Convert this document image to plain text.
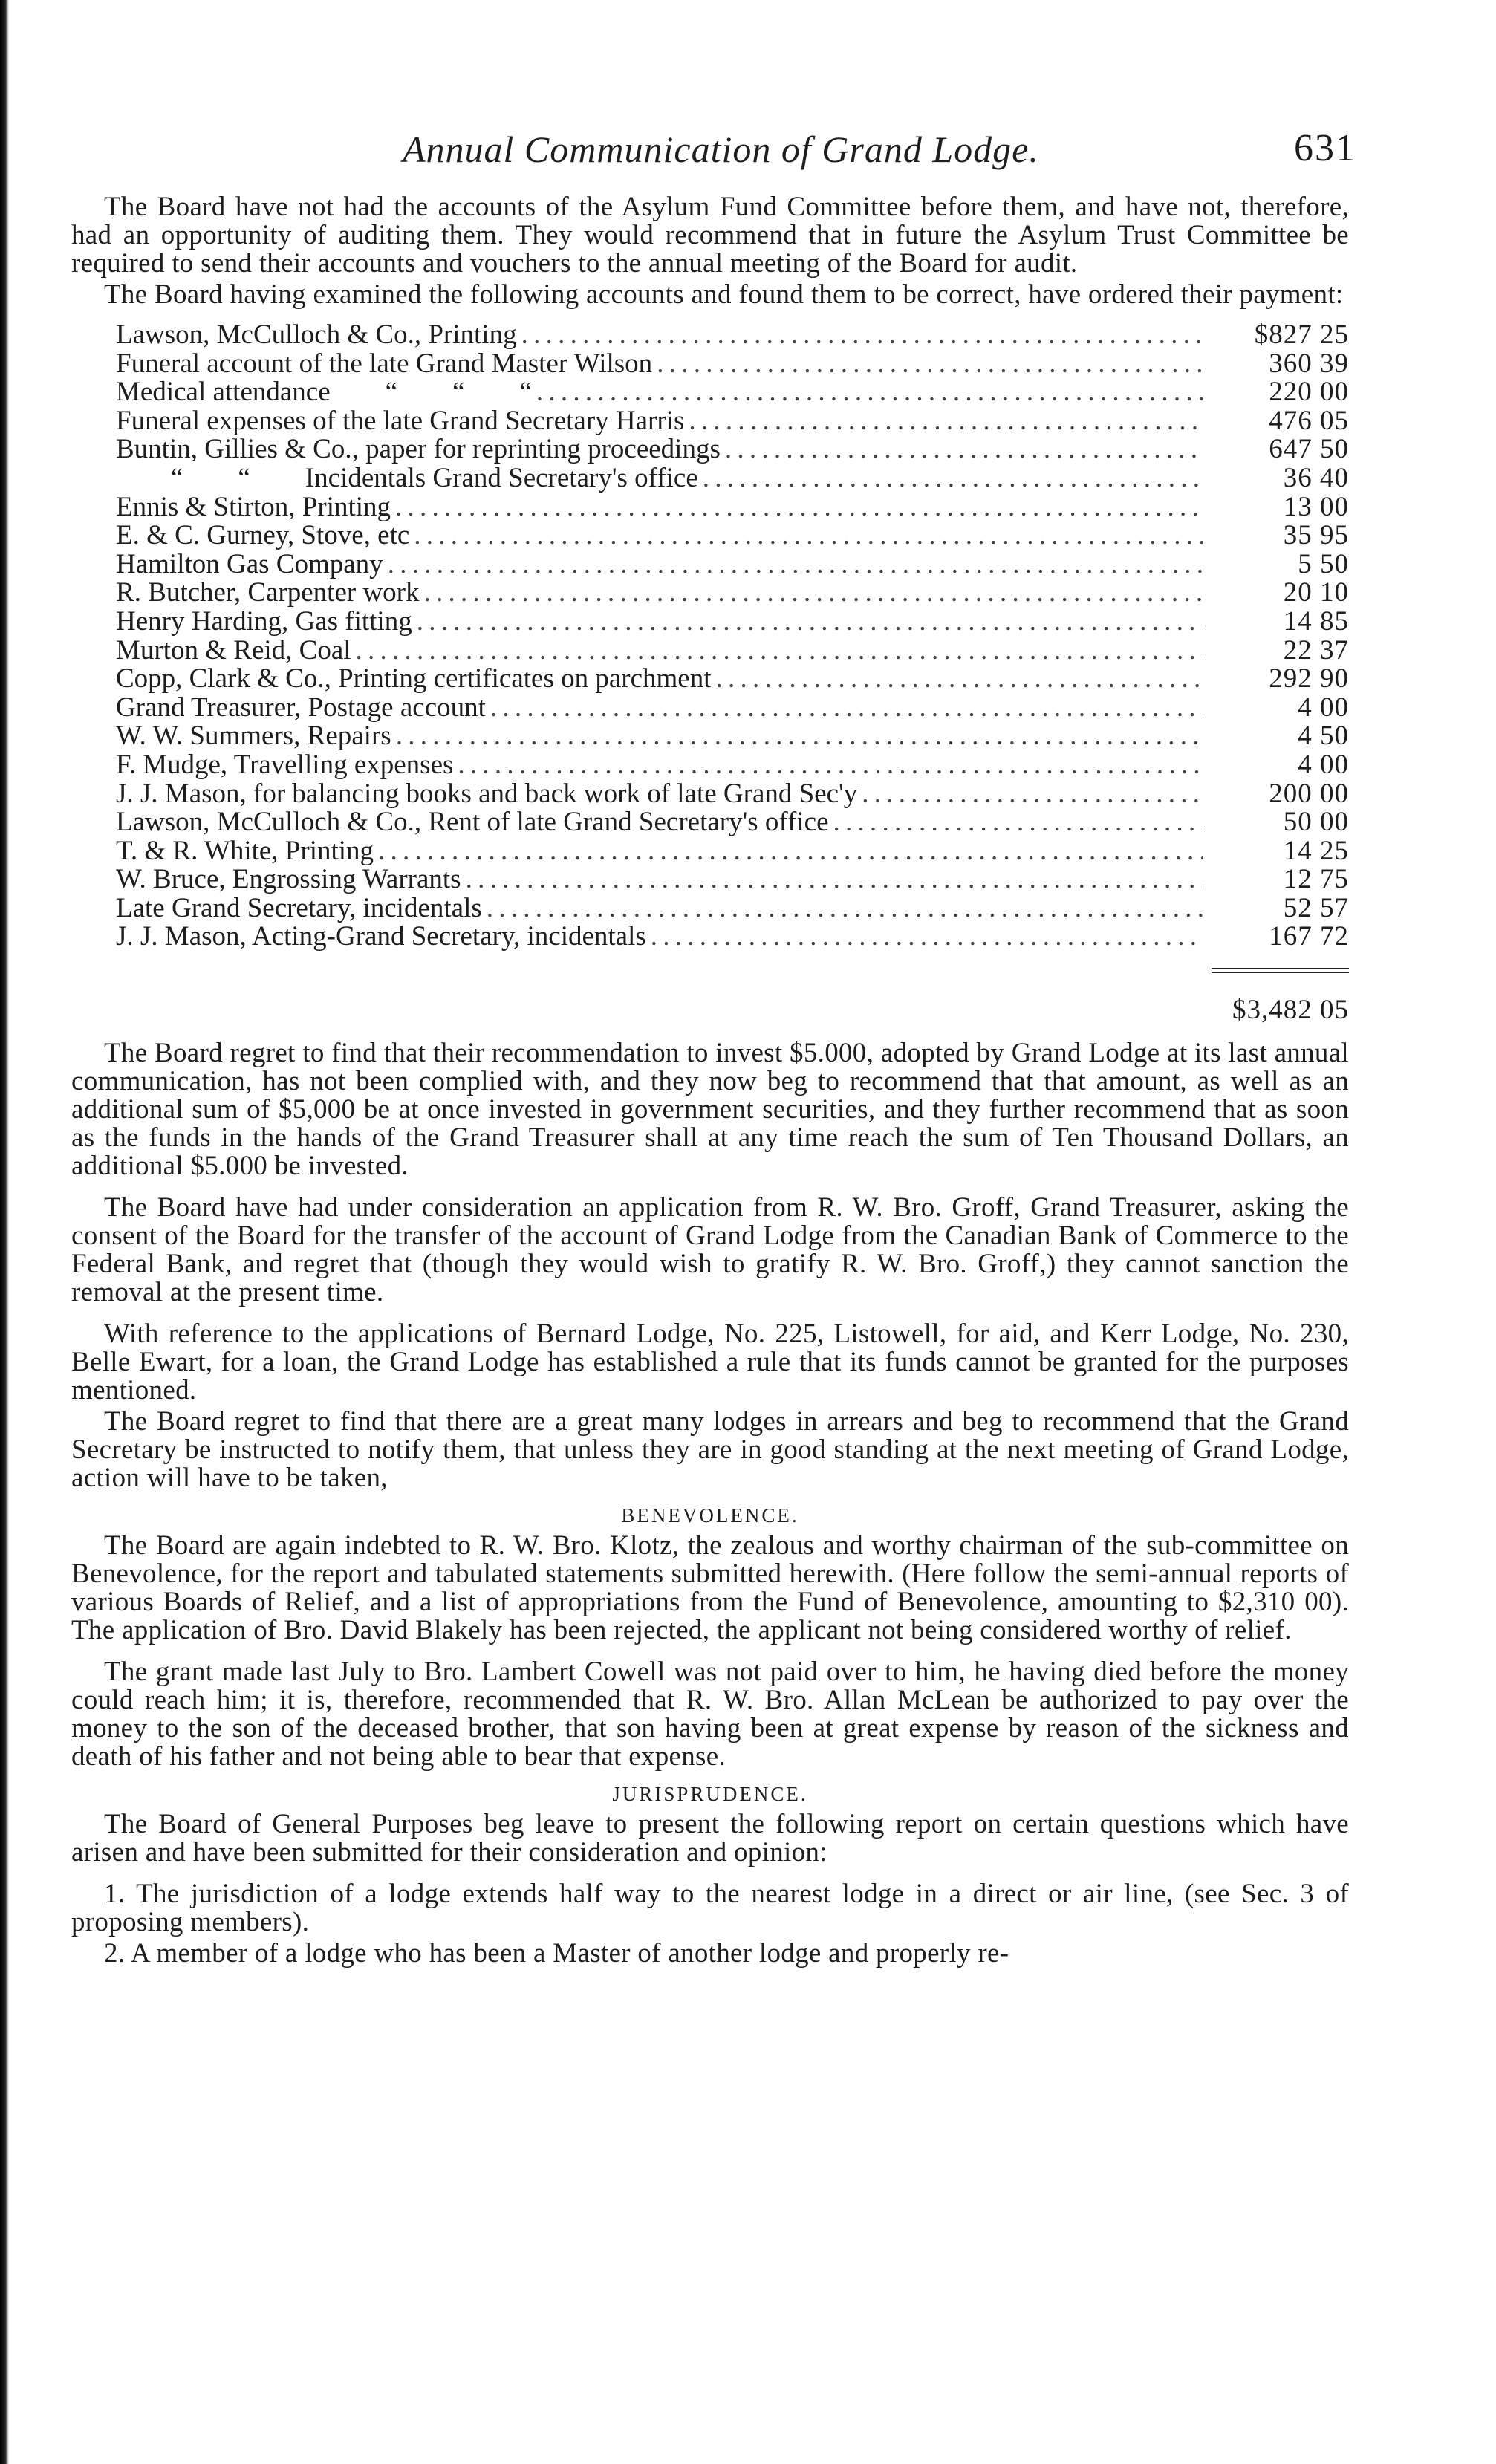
Annual Communication of Grand Lodge.	631

The Board have not had the accounts of the Asylum Fund Committee before them, and have not, therefore, had an opportunity of auditing them. They would recommend that in future the Asylum Trust Committee be required to send their accounts and vouchers to the annual meeting of the Board for audit.

The Board having examined the following accounts and found them to be correct, have ordered their payment:

Lawson, McCulloch & Co., Printing . . .	$827 25
Funeral account of the late Grand Master Wilson . . .	360 39
Medical attendance        “        “        “ . . .	220 00
Funeral expenses of the late Grand Secretary Harris . . .	476 05
Buntin, Gillies & Co., paper for reprinting proceedings . . .	647 50
“        “        Incidentals Grand Secretary's office . . .	36 40
Ennis & Stirton, Printing . . .	13 00
E. & C. Gurney, Stove, etc . . .	35 95
Hamilton Gas Company . . .	5 50
R. Butcher, Carpenter work . . .	20 10
Henry Harding, Gas fitting . . .	14 85
Murton & Reid, Coal . . .	22 37
Copp, Clark & Co., Printing certificates on parchment . . .	292 90
Grand Treasurer, Postage account . . .	4 00
W. W. Summers, Repairs . . .	4 50
F. Mudge, Travelling expenses . . .	4 00
J. J. Mason, for balancing books and back work of late Grand Sec'y . . .	200 00
Lawson, McCulloch & Co., Rent of late Grand Secretary's office . . .	50 00
T. & R. White, Printing . . .	14 25
W. Bruce, Engrossing Warrants . . .	12 75
Late Grand Secretary, incidentals . . .	52 57
J. J. Mason, Acting-Grand Secretary, incidentals . . .	167 72
$3,482 05

The Board regret to find that their recommendation to invest $5.000, adopted by Grand Lodge at its last annual communication, has not been complied with, and they now beg to recommend that that amount, as well as an additional sum of $5,000 be at once invested in government securities, and they further recommend that as soon as the funds in the hands of the Grand Treasurer shall at any time reach the sum of Ten Thousand Dollars, an additional $5.000 be invested.

The Board have had under consideration an application from R. W. Bro. Groff, Grand Treasurer, asking the consent of the Board for the transfer of the account of Grand Lodge from the Canadian Bank of Commerce to the Federal Bank, and regret that (though they would wish to gratify R. W. Bro. Groff,) they cannot sanction the removal at the present time.

With reference to the applications of Bernard Lodge, No. 225, Listowell, for aid, and Kerr Lodge, No. 230, Belle Ewart, for a loan, the Grand Lodge has established a rule that its funds cannot be granted for the purposes mentioned.

The Board regret to find that there are a great many lodges in arrears and beg to recommend that the Grand Secretary be instructed to notify them, that unless they are in good standing at the next meeting of Grand Lodge, action will have to be taken,

BENEVOLENCE.

The Board are again indebted to R. W. Bro. Klotz, the zealous and worthy chairman of the sub-committee on Benevolence, for the report and tabulated statements submitted herewith. (Here follow the semi-annual reports of various Boards of Relief, and a list of appropriations from the Fund of Benevolence, amounting to $2,310 00). The application of Bro. David Blakely has been rejected, the applicant not being considered worthy of relief.

The grant made last July to Bro. Lambert Cowell was not paid over to him, he having died before the money could reach him; it is, therefore, recommended that R. W. Bro. Allan McLean be authorized to pay over the money to the son of the deceased brother, that son having been at great expense by reason of the sickness and death of his father and not being able to bear that expense.

JURISPRUDENCE.

The Board of General Purposes beg leave to present the following report on certain questions which have arisen and have been submitted for their consideration and opinion:

1. The jurisdiction of a lodge extends half way to the nearest lodge in a direct or air line, (see Sec. 3 of proposing members).

2. A member of a lodge who has been a Master of another lodge and properly re-
